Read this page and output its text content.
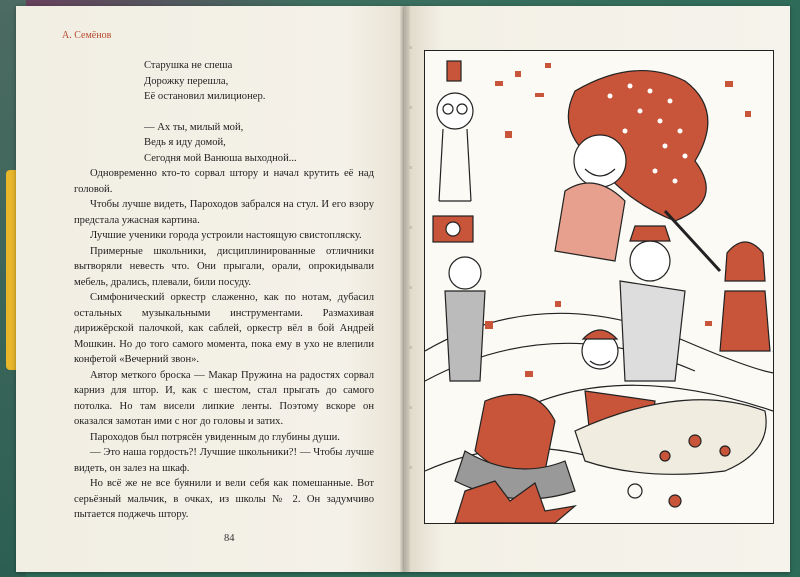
А. Семёнов
Старушка не спеша
Дорожку перешла,
Её остановил милиционер.
— Ах ты, милый мой,
Ведь я иду домой,
Сегодня мой Ванюша выходной...

Одновременно кто-то сорвал штору и начал крутить её над головой.

Чтобы лучше видеть, Пароходов забрался на стул. И его взору предстала ужасная картина.

Лучшие ученики города устроили настоящую свистопляску.

Примерные школьники, дисциплинированные отличники вытворяли невесть что. Они прыгали, орали, опрокидывали мебель, дрались, плевали, били посуду.

Симфонический оркестр слаженно, как по нотам, дубасил остальных музыкальными инструментами. Размахивая дирижёрской палочкой, как саблей, оркестр вёл в бой Андрей Мошкин. Но до того самого момента, пока ему в ухо не влепили конфетой «Вечерний звон».

Автор меткого броска — Макар Пружина на радостях сорвал карниз для штор. И, как с шестом, стал прыгать до самого потолка. Но там висели липкие ленты. Поэтому вскоре он оказался замотан ими с ног до головы и затих.

Пароходов был потрясён увиденным до глубины души.

— Это наша гордость?! Лучшие школьники?! — Чтобы лучше видеть, он залез на шкаф.

Но всё же не все буянили и вели себя как помешанные. Вот серьёзный мальчик, в очках, из школы № 2. Он задумчиво пытается поджечь штору.

84
